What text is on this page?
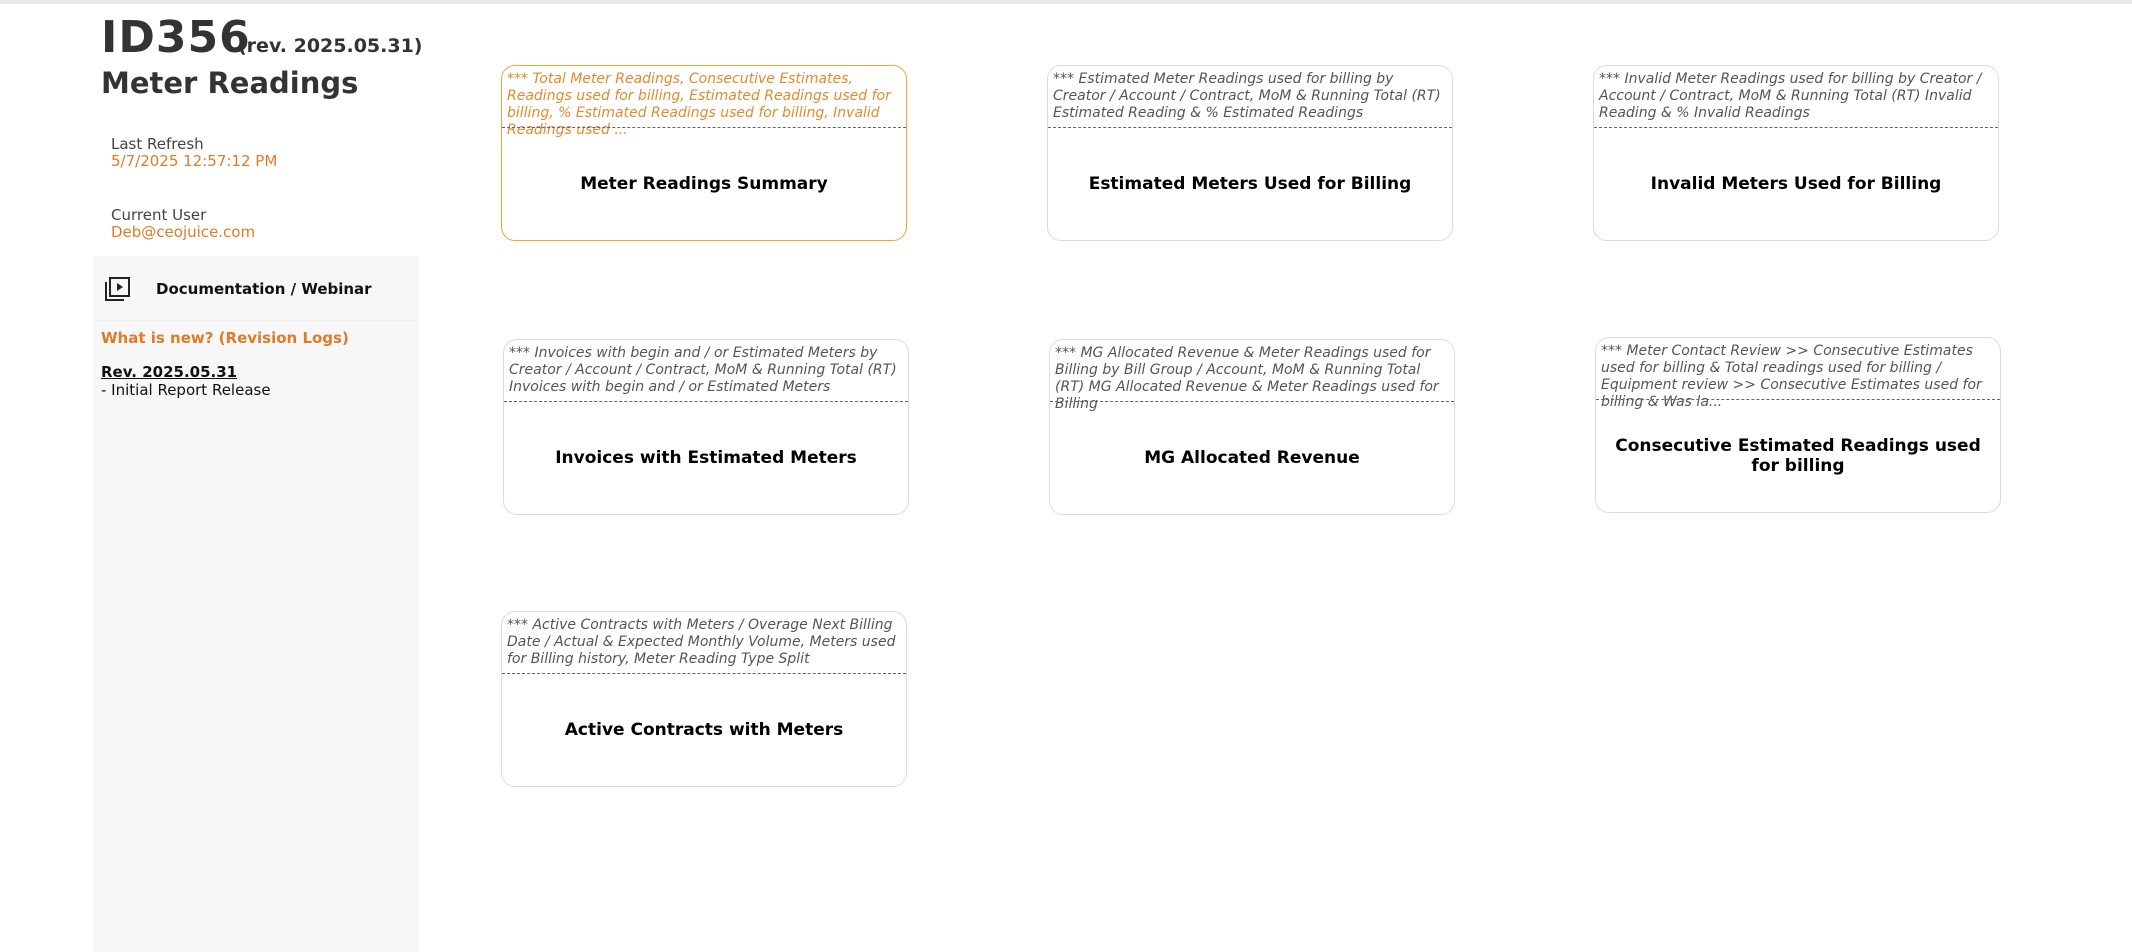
ID356
(rev. 2025.05.31)
Meter Readings
Last Refresh
5/7/2025 12:57:12 PM
Current User
Deb@ceojuice.com
Documentation / Webinar
What is new? (Revision Logs)
Rev. 2025.05.31
- Initial Report Release
*** Total Meter Readings, Consecutive Estimates, Readings used for billing, Estimated Readings used for billing, % Estimated Readings used for billing, Invalid Readings used ...
Meter Readings Summary
*** Estimated Meter Readings used for billing by Creator / Account / Contract, MoM & Running Total (RT) Estimated Reading & % Estimated Readings
Estimated Meters Used for Billing
*** Invalid Meter Readings used for billing by Creator / Account / Contract, MoM & Running Total (RT) Invalid Reading & % Invalid Readings
Invalid Meters Used for Billing
*** Invoices with begin and / or Estimated Meters by Creator / Account / Contract, MoM & Running Total (RT) Invoices with begin and / or Estimated Meters
Invoices with Estimated Meters
*** MG Allocated Revenue & Meter Readings used for Billing by Bill Group / Account, MoM & Running Total (RT) MG Allocated Revenue & Meter Readings used for Billing
MG Allocated Revenue
*** Meter Contact Review >> Consecutive Estimates used for billing & Total readings used for billing / Equipment review >> Consecutive Estimates used for billing & Was la...
Consecutive Estimated Readings used for billing
*** Active Contracts with Meters / Overage Next Billing Date / Actual & Expected Monthly Volume, Meters used for Billing history, Meter Reading Type Split
Active Contracts with Meters
